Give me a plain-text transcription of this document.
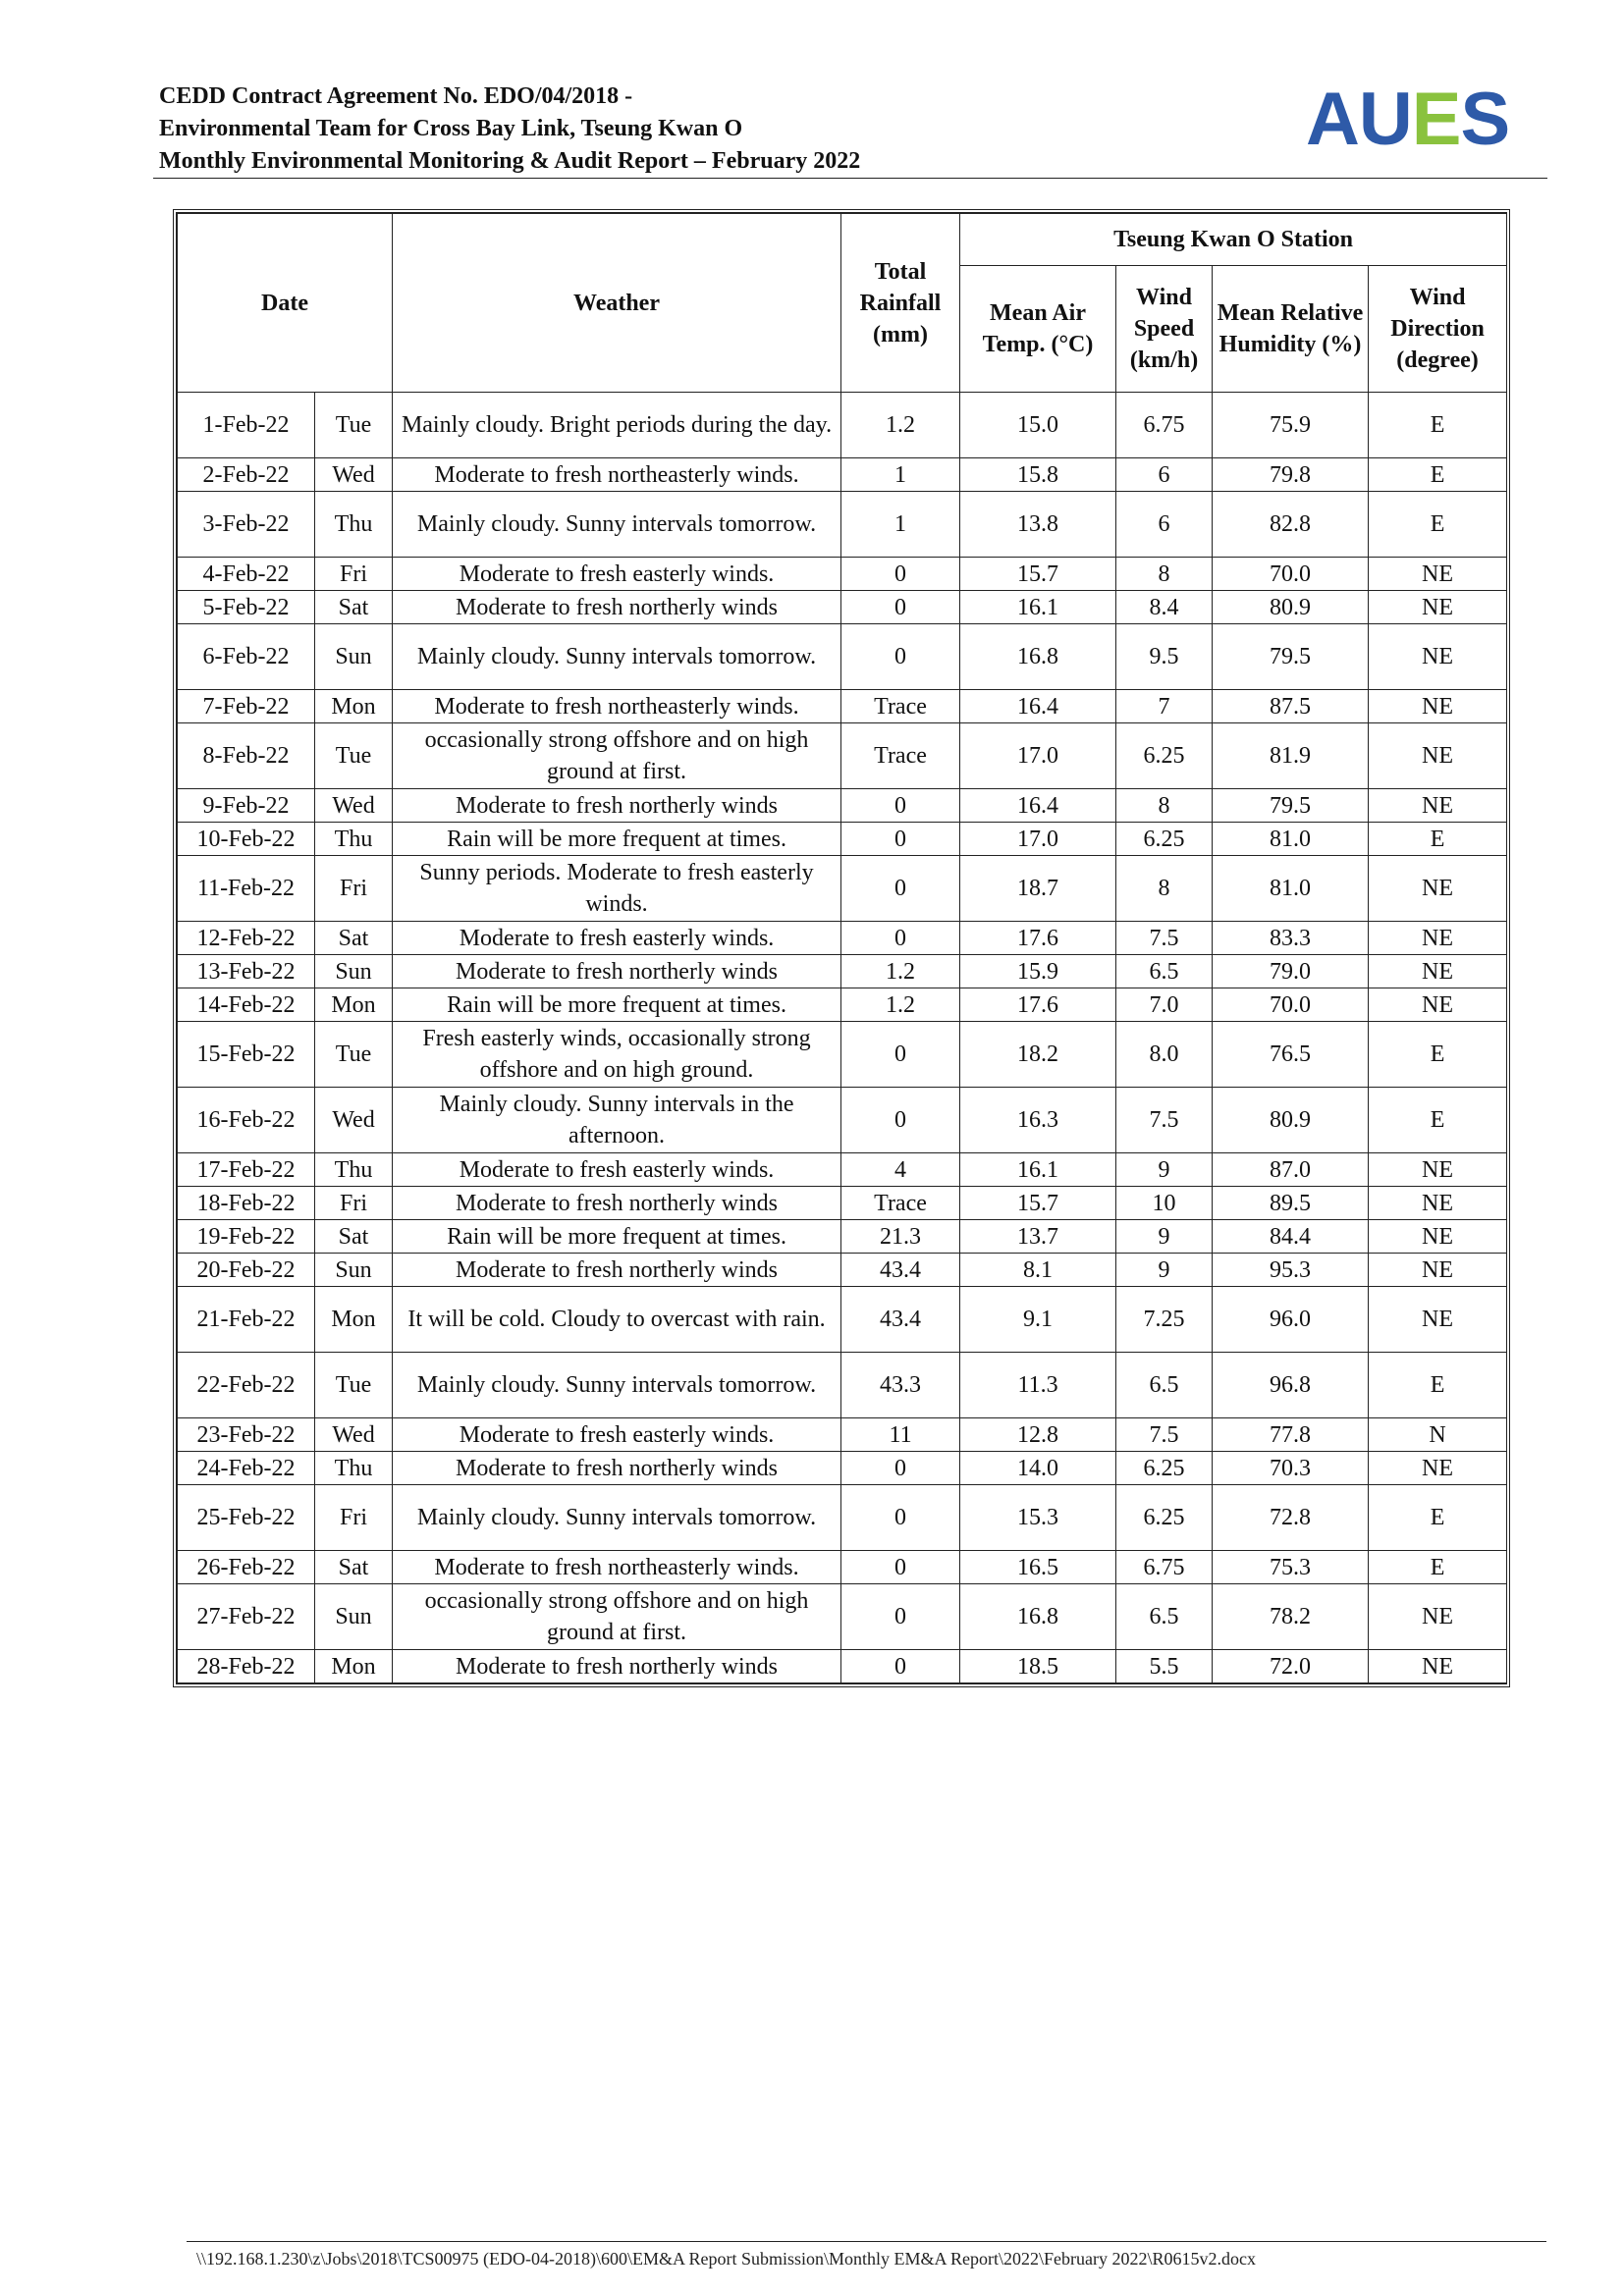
CEDD Contract Agreement No. EDO/04/2018 -
Environmental Team for Cross Bay Link, Tseung Kwan O
Monthly Environmental Monitoring & Audit Report – February 2022	AUES
Date		Weather	Total Rainfall (mm)	Tseung Kwan O Station			
				Mean Air Temp. (°C)	Wind Speed (km/h)	Mean Relative Humidity (%)	Wind Direction (degree)
1-Feb-22	Tue	Mainly cloudy. Bright periods during the day.	1.2	15.0	6.75	75.9	E
2-Feb-22	Wed	Moderate to fresh northeasterly winds.	1	15.8	6	79.8	E
3-Feb-22	Thu	Mainly cloudy. Sunny intervals tomorrow.	1	13.8	6	82.8	E
4-Feb-22	Fri	Moderate to fresh easterly winds.	0	15.7	8	70.0	NE
5-Feb-22	Sat	Moderate to fresh northerly winds	0	16.1	8.4	80.9	NE
6-Feb-22	Sun	Mainly cloudy. Sunny intervals tomorrow.	0	16.8	9.5	79.5	NE
7-Feb-22	Mon	Moderate to fresh northeasterly winds.	Trace	16.4	7	87.5	NE
8-Feb-22	Tue	occasionally strong offshore and on high ground at first.	Trace	17.0	6.25	81.9	NE
9-Feb-22	Wed	Moderate to fresh northerly winds	0	16.4	8	79.5	NE
10-Feb-22	Thu	Rain will be more frequent at times.	0	17.0	6.25	81.0	E
11-Feb-22	Fri	Sunny periods. Moderate to fresh easterly winds.	0	18.7	8	81.0	NE
12-Feb-22	Sat	Moderate to fresh easterly winds.	0	17.6	7.5	83.3	NE
13-Feb-22	Sun	Moderate to fresh northerly winds	1.2	15.9	6.5	79.0	NE
14-Feb-22	Mon	Rain will be more frequent at times.	1.2	17.6	7.0	70.0	NE
15-Feb-22	Tue	Fresh easterly winds, occasionally strong offshore and on high ground.	0	18.2	8.0	76.5	E
16-Feb-22	Wed	Mainly cloudy. Sunny intervals in the afternoon.	0	16.3	7.5	80.9	E
17-Feb-22	Thu	Moderate to fresh easterly winds.	4	16.1	9	87.0	NE
18-Feb-22	Fri	Moderate to fresh northerly winds	Trace	15.7	10	89.5	NE
19-Feb-22	Sat	Rain will be more frequent at times.	21.3	13.7	9	84.4	NE
20-Feb-22	Sun	Moderate to fresh northerly winds	43.4	8.1	9	95.3	NE
21-Feb-22	Mon	It will be cold. Cloudy to overcast with rain.	43.4	9.1	7.25	96.0	NE
22-Feb-22	Tue	Mainly cloudy. Sunny intervals tomorrow.	43.3	11.3	6.5	96.8	E
23-Feb-22	Wed	Moderate to fresh easterly winds.	11	12.8	7.5	77.8	N
24-Feb-22	Thu	Moderate to fresh northerly winds	0	14.0	6.25	70.3	NE
25-Feb-22	Fri	Mainly cloudy. Sunny intervals tomorrow.	0	15.3	6.25	72.8	E
26-Feb-22	Sat	Moderate to fresh northeasterly winds.	0	16.5	6.75	75.3	E
27-Feb-22	Sun	occasionally strong offshore and on high ground at first.	0	16.8	6.5	78.2	NE
28-Feb-22	Mon	Moderate to fresh northerly winds	0	18.5	5.5	72.0	NE
\\192.168.1.230\z\Jobs\2018\TCS00975 (EDO-04-2018)\600\EM&A Report Submission\Monthly EM&A Report\2022\February 2022\R0615v2.docx
